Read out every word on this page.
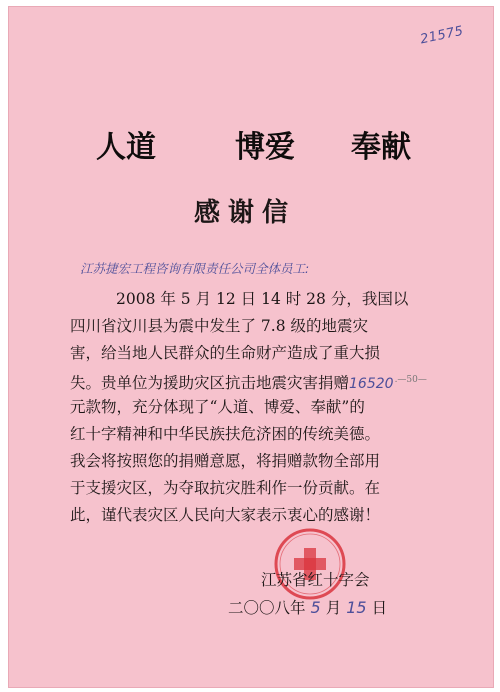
21575
人道	博爱 奉献
感谢信
江苏捷宏工程咨询有限责任公司全体员工:
2008 年 5 月 12 日 14 时 28 分，我国以
四川省汶川县为震中发生了 7.8 级的地震灾
害，给当地人民群众的生命财产造成了重大损
失。贵单位为援助灾区抗击地震灾害捐赠$16520^{.—50—}$
元款物，充分体现了“人道、博爱、奉献”的
红十字精神和中华民族扶危济困的传统美德。
我会将按照您的捐赠意愿，将捐赠款物全部用
于支援灾区，为夺取抗灾胜利作一份贡献。在
此，谨代表灾区人民向大家表示衷心的感谢！
江苏省红十字会
二〇〇八年 5 月 15 日
